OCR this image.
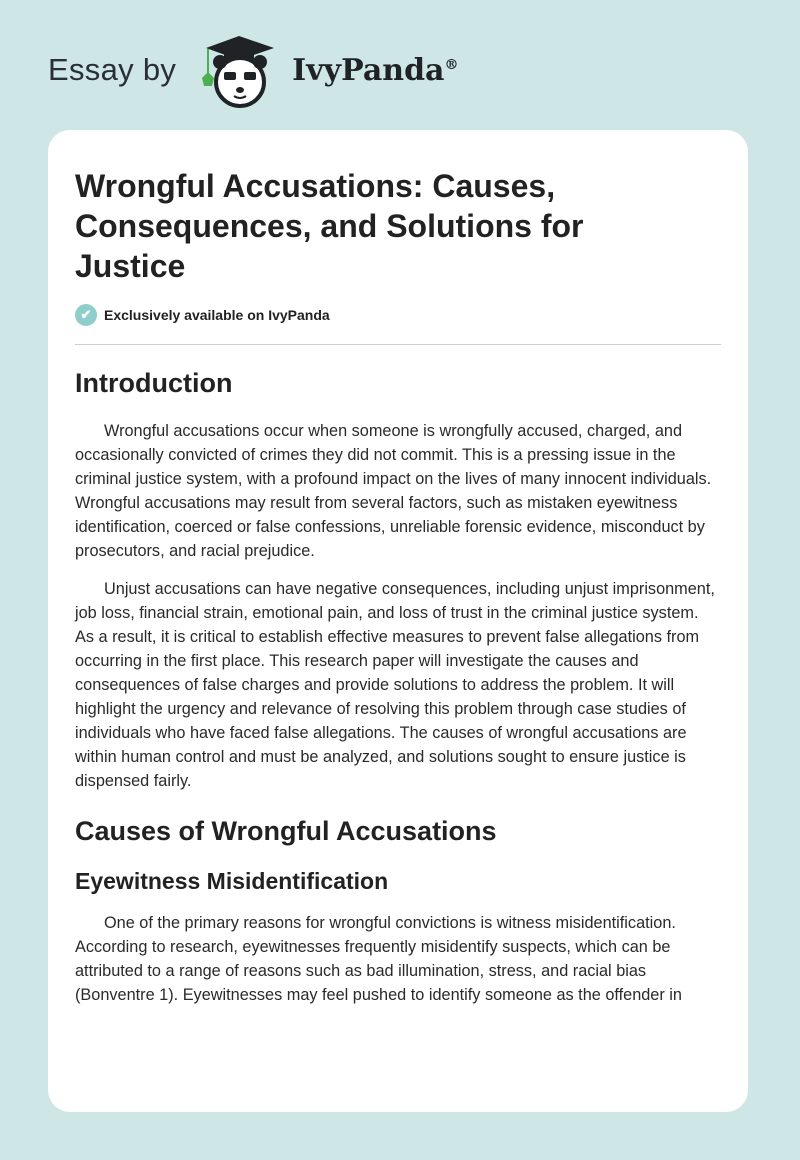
Essay by	IvyPanda®
Wrongful Accusations: Causes, Consequences, and Solutions for Justice
✔ Exclusively available on IvyPanda
Introduction

Wrongful accusations occur when someone is wrongfully accused, charged, and occasionally convicted of crimes they did not commit. This is a pressing issue in the criminal justice system, with a profound impact on the lives of many innocent individuals. Wrongful accusations may result from several factors, such as mistaken eyewitness identification, coerced or false confessions, unreliable forensic evidence, misconduct by prosecutors, and racial prejudice.

Unjust accusations can have negative consequences, including unjust imprisonment, job loss, financial strain, emotional pain, and loss of trust in the criminal justice system. As a result, it is critical to establish effective measures to prevent false allegations from occurring in the first place. This research paper will investigate the causes and consequences of false charges and provide solutions to address the problem. It will highlight the urgency and relevance of resolving this problem through case studies of individuals who have faced false allegations. The causes of wrongful accusations are within human control and must be analyzed, and solutions sought to ensure justice is dispensed fairly.

Causes of Wrongful Accusations
Eyewitness Misidentification

One of the primary reasons for wrongful convictions is witness misidentification. According to research, eyewitnesses frequently misidentify suspects, which can be attributed to a range of reasons such as bad illumination, stress, and racial bias (Bonventre 1). Eyewitnesses may feel pushed to identify someone as the offender in
